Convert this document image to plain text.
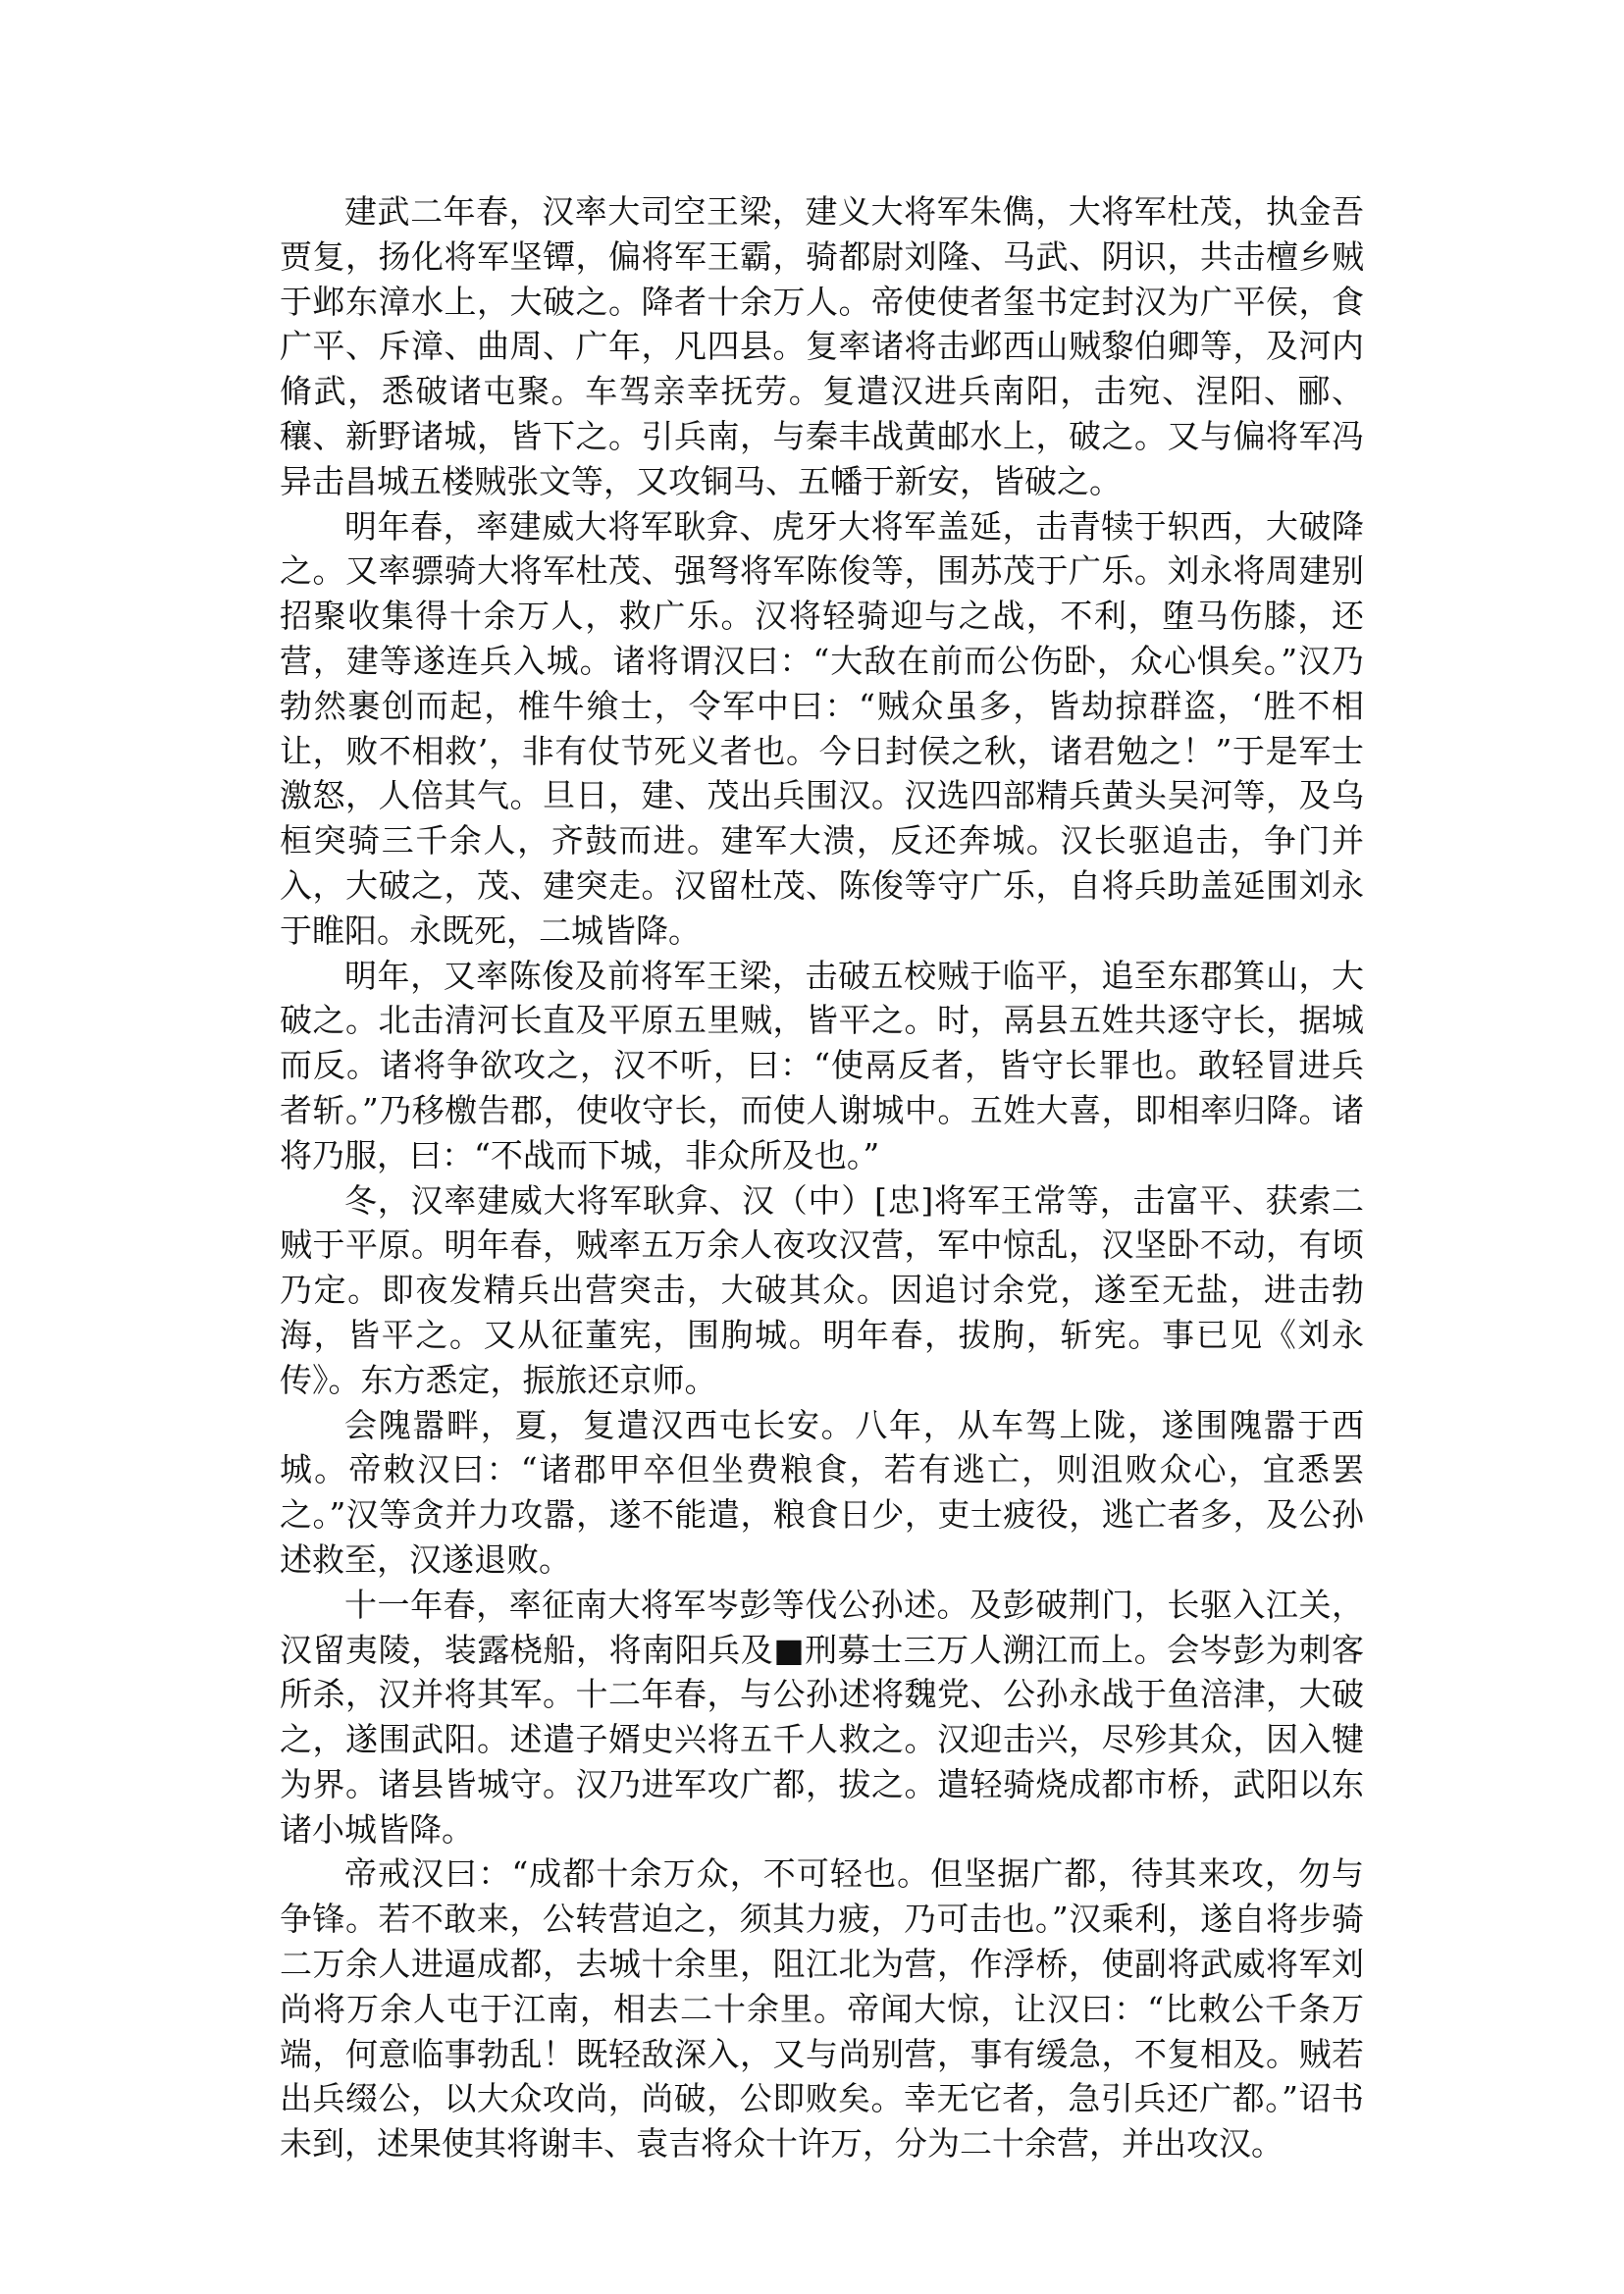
建武二年春，汉率大司空王梁，建义大将军朱儁，大将军杜茂，执金吾贾复，扬化将军坚镡，偏将军王霸，骑都尉刘隆、马武、阴识，共击檀乡贼于邺东漳水上，大破之。降者十余万人。帝使使者玺书定封汉为广平侯，食广平、斥漳、曲周、广年，凡四县。复率诸将击邺西山贼黎伯卿等，及河内脩武，悉破诸屯聚。车驾亲幸抚劳。复遣汉进兵南阳，击宛、涅阳、郦、穰、新野诸城，皆下之。引兵南，与秦丰战黄邮水上，破之。又与偏将军冯异击昌城五楼贼张文等，又攻铜马、五幡于新安，皆破之。

明年春，率建威大将军耿弇、虎牙大将军盖延，击青犊于轵西，大破降之。又率骠骑大将军杜茂、强弩将军陈俊等，围苏茂于广乐。刘永将周建别招聚收集得十余万人，救广乐。汉将轻骑迎与之战，不利，堕马伤膝，还营，建等遂连兵入城。诸将谓汉曰：“大敌在前而公伤卧，众心惧矣。”汉乃勃然裹创而起，椎牛飨士，令军中曰：“贼众虽多，皆劫掠群盗，‘胜不相让，败不相救’，非有仗节死义者也。今日封侯之秋，诸君勉之！”于是军士激怒，人倍其气。旦日，建、茂出兵围汉。汉选四部精兵黄头吴河等，及乌桓突骑三千余人，齐鼓而进。建军大溃，反还奔城。汉长驱追击，争门并入，大破之，茂、建突走。汉留杜茂、陈俊等守广乐，自将兵助盖延围刘永于睢阳。永既死，二城皆降。

明年，又率陈俊及前将军王梁，击破五校贼于临平，追至东郡箕山，大破之。北击清河长直及平原五里贼，皆平之。时，鬲县五姓共逐守长，据城而反。诸将争欲攻之，汉不听，曰：“使鬲反者，皆守长罪也。敢轻冒进兵者斩。”乃移檄告郡，使收守长，而使人谢城中。五姓大喜，即相率归降。诸将乃服，曰：“不战而下城，非众所及也。”

冬，汉率建威大将军耿弇、汉（中）[忠]将军王常等，击富平、获索二贼于平原。明年春，贼率五万余人夜攻汉营，军中惊乱，汉坚卧不动，有顷乃定。即夜发精兵出营突击，大破其众。因追讨余党，遂至无盐，进击勃海，皆平之。又从征董宪，围朐城。明年春，拔朐，斩宪。事已见《刘永传》。东方悉定，振旅还京师。

会隗嚣畔，夏，复遣汉西屯长安。八年，从车驾上陇，遂围隗嚣于西城。帝敕汉曰：“诸郡甲卒但坐费粮食，若有逃亡，则沮败众心，宜悉罢之。”汉等贪并力攻嚣，遂不能遣，粮食日少，吏士疲役，逃亡者多，及公孙述救至，汉遂退败。

十一年春，率征南大将军岑彭等伐公孙述。及彭破荆门，长驱入江关，汉留夷陵，装露桡船，将南阳兵及■刑募士三万人溯江而上。会岑彭为刺客所杀，汉并将其军。十二年春，与公孙述将魏党、公孙永战于鱼涪津，大破之，遂围武阳。述遣子婿史兴将五千人救之。汉迎击兴，尽殄其众，因入犍为界。诸县皆城守。汉乃进军攻广都，拔之。遣轻骑烧成都市桥，武阳以东诸小城皆降。

帝戒汉曰：“成都十余万众，不可轻也。但坚据广都，待其来攻，勿与争锋。若不敢来，公转营迫之，须其力疲，乃可击也。”汉乘利，遂自将步骑二万余人进逼成都，去城十余里，阻江北为营，作浮桥，使副将武威将军刘尚将万余人屯于江南，相去二十余里。帝闻大惊，让汉曰：“比敕公千条万端，何意临事勃乱！既轻敌深入，又与尚别营，事有缓急，不复相及。贼若出兵缀公，以大众攻尚，尚破，公即败矣。幸无它者，急引兵还广都。”诏书未到，述果使其将谢丰、袁吉将众十许万，分为二十余营，并出攻汉。
